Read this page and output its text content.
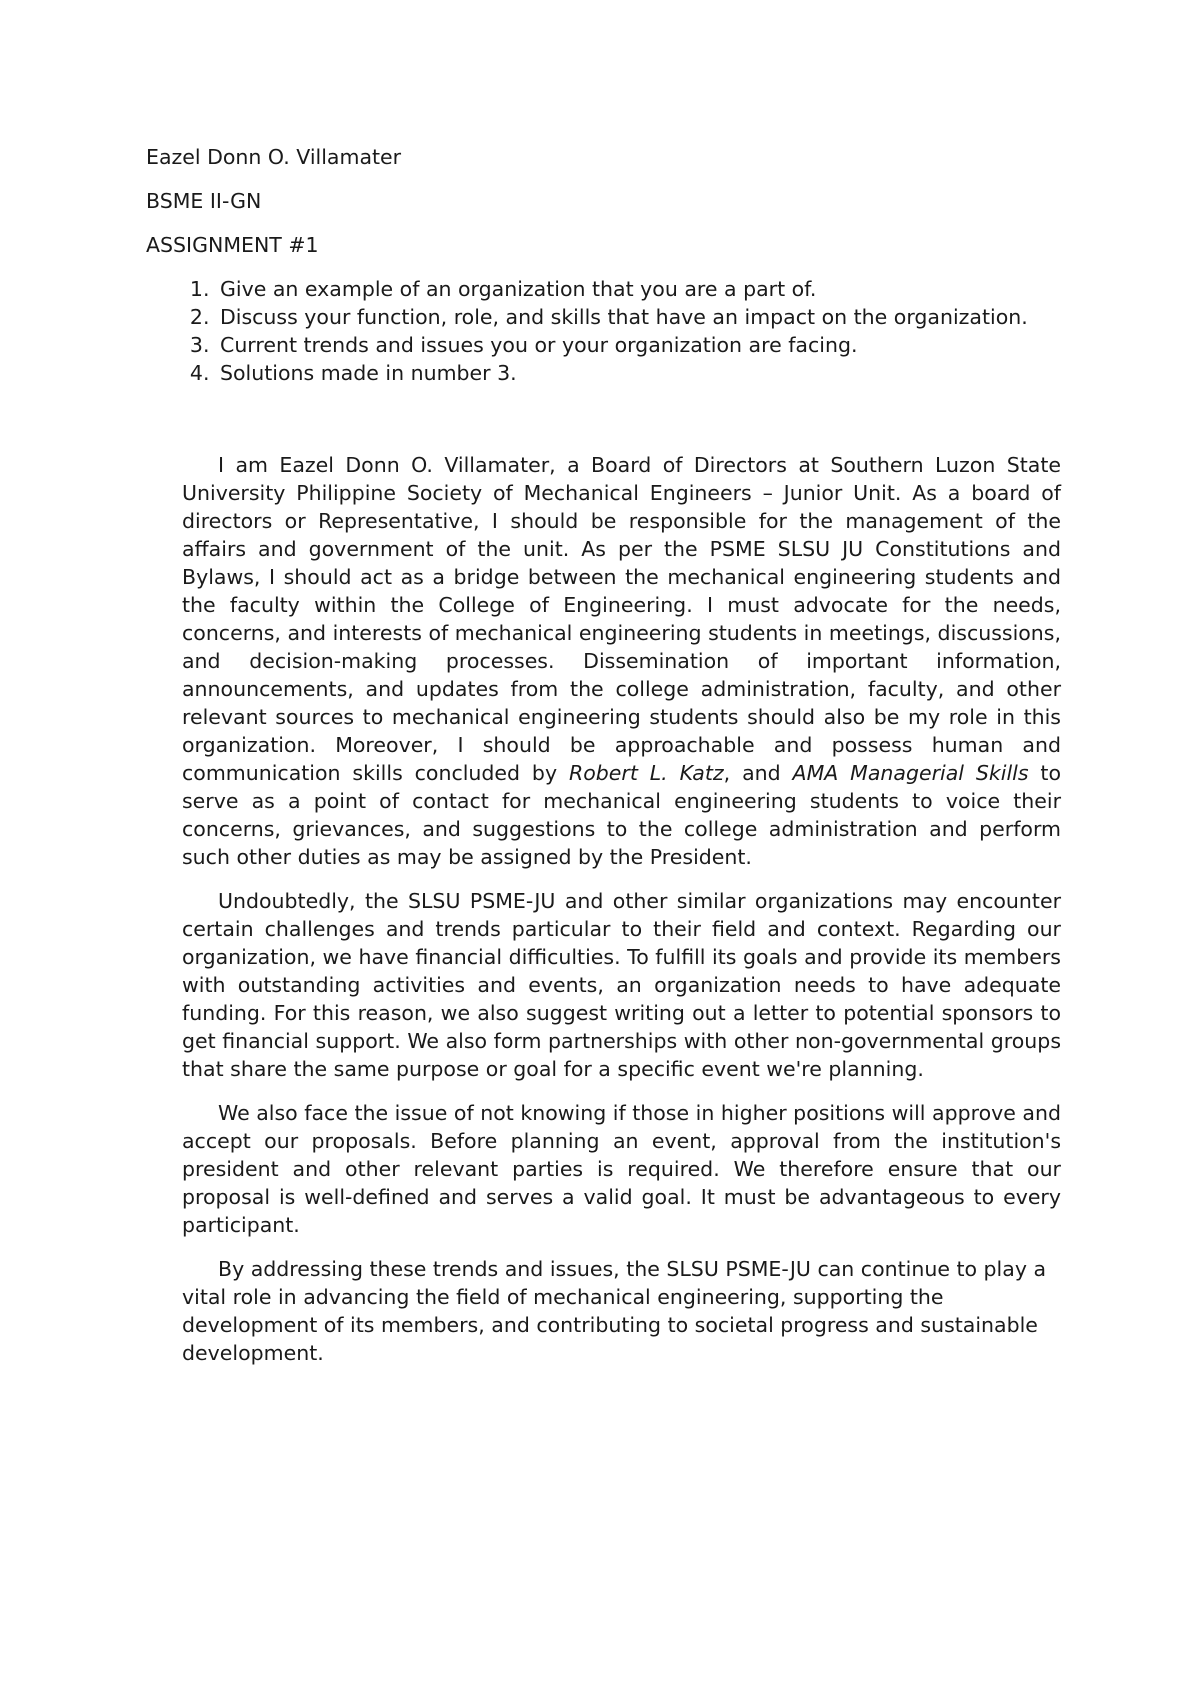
Eazel Donn O. Villamater
BSME II-GN
ASSIGNMENT #1
1. Give an example of an organization that you are a part of.
2. Discuss your function, role, and skills that have an impact on the organization.
3. Current trends and issues you or your organization are facing.
4. Solutions made in number 3.

I am Eazel Donn O. Villamater, a Board of Directors at Southern Luzon State University Philippine Society of Mechanical Engineers – Junior Unit. As a board of directors or Representative, I should be responsible for the management of the affairs and government of the unit. As per the PSME SLSU JU Constitutions and Bylaws, I should act as a bridge between the mechanical engineering students and the faculty within the College of Engineering. I must advocate for the needs, concerns, and interests of mechanical engineering students in meetings, discussions, and decision-making processes. Dissemination of important information, announcements, and updates from the college administration, faculty, and other relevant sources to mechanical engineering students should also be my role in this organization. Moreover, I should be approachable and possess human and communication skills concluded by Robert L. Katz, and AMA Managerial Skills to serve as a point of contact for mechanical engineering students to voice their concerns, grievances, and suggestions to the college administration and perform such other duties as may be assigned by the President.

Undoubtedly, the SLSU PSME-JU and other similar organizations may encounter certain challenges and trends particular to their field and context. Regarding our organization, we have financial difficulties. To fulfill its goals and provide its members with outstanding activities and events, an organization needs to have adequate funding. For this reason, we also suggest writing out a letter to potential sponsors to get financial support. We also form partnerships with other non-governmental groups that share the same purpose or goal for a specific event we're planning.

We also face the issue of not knowing if those in higher positions will approve and accept our proposals. Before planning an event, approval from the institution's president and other relevant parties is required. We therefore ensure that our proposal is well-defined and serves a valid goal. It must be advantageous to every participant.

By addressing these trends and issues, the SLSU PSME-JU can continue to play a vital role in advancing the field of mechanical engineering, supporting the development of its members, and contributing to societal progress and sustainable development.
